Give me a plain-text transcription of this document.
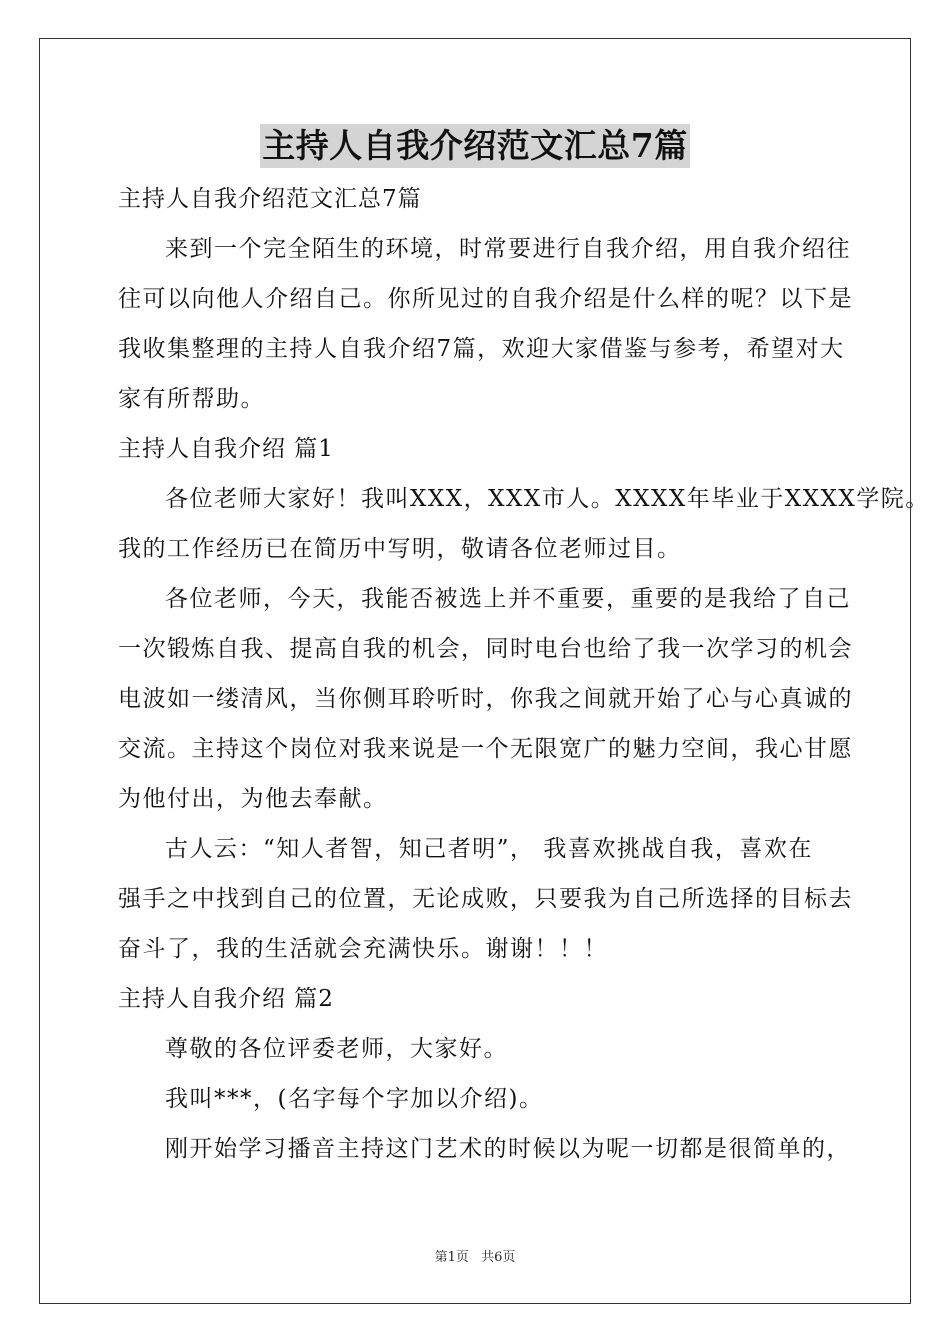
主持人自我介绍范文汇总7篇
主持人自我介绍范文汇总7篇
来到一个完全陌生的环境，时常要进行自我介绍，用自我介绍往
往可以向他人介绍自己。你所见过的自我介绍是什么样的呢？以下是
我收集整理的主持人自我介绍7篇，欢迎大家借鉴与参考，希望对大
家有所帮助。
主持人自我介绍 篇1
各位老师大家好！我叫XXX，XXX市人。XXXX年毕业于XXXX学院。
我的工作经历已在简历中写明，敬请各位老师过目。
各位老师，今天，我能否被选上并不重要，重要的是我给了自己
一次锻炼自我、提高自我的机会，同时电台也给了我一次学习的机会
电波如一缕清风，当你侧耳聆听时，你我之间就开始了心与心真诚的
交流。主持这个岗位对我来说是一个无限宽广的魅力空间，我心甘愿
为他付出，为他去奉献。
古人云：“知人者智，知己者明”， 我喜欢挑战自我，喜欢在
强手之中找到自己的位置，无论成败，只要我为自己所选择的目标去
奋斗了，我的生活就会充满快乐。谢谢！！！
主持人自我介绍 篇2
尊敬的各位评委老师，大家好。
我叫***，(名字每个字加以介绍)。
刚开始学习播音主持这门艺术的时候以为呢一切都是很简单的，
第1页 共6页
